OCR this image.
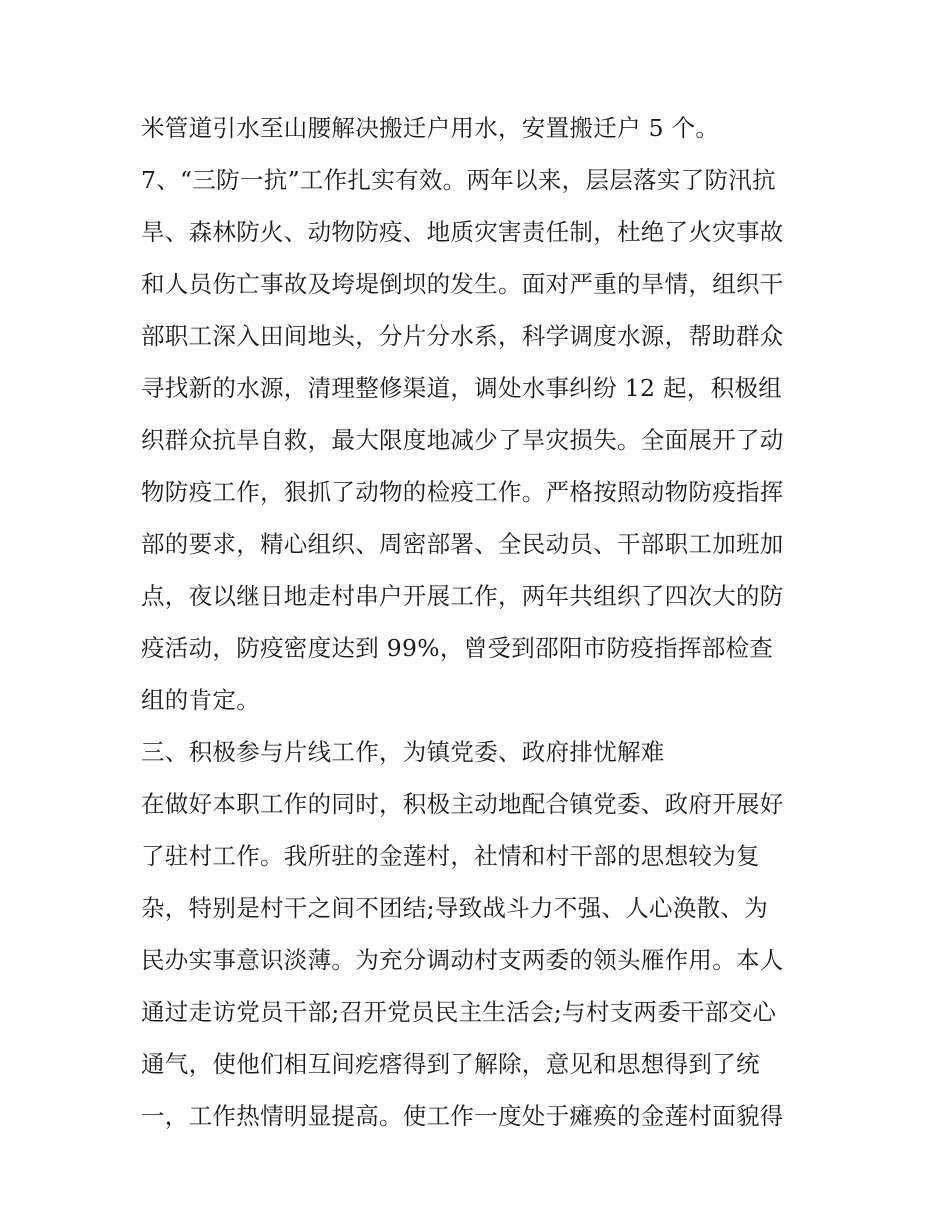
米管道引水至山腰解决搬迁户用水，安置搬迁户 5 个。
7、“三防一抗”工作扎实有效。两年以来，层层落实了防汛抗
旱、森林防火、动物防疫、地质灾害责任制，杜绝了火灾事故
和人员伤亡事故及垮堤倒坝的发生。面对严重的旱情，组织干
部职工深入田间地头，分片分水系，科学调度水源，帮助群众
寻找新的水源，清理整修渠道，调处水事纠纷 12 起，积极组
织群众抗旱自救，最大限度地减少了旱灾损失。全面展开了动
物防疫工作，狠抓了动物的检疫工作。严格按照动物防疫指挥
部的要求，精心组织、周密部署、全民动员、干部职工加班加
点，夜以继日地走村串户开展工作，两年共组织了四次大的防
疫活动，防疫密度达到 99%，曾受到邵阳市防疫指挥部检查
组的肯定。
三、积极参与片线工作，为镇党委、政府排忧解难
在做好本职工作的同时，积极主动地配合镇党委、政府开展好
了驻村工作。我所驻的金莲村，社情和村干部的思想较为复
杂，特别是村干之间不团结;导致战斗力不强、人心涣散、为
民办实事意识淡薄。为充分调动村支两委的领头雁作用。本人
通过走访党员干部;召开党员民主生活会;与村支两委干部交心
通气，使他们相互间疙瘩得到了解除，意见和思想得到了统
一，工作热情明显提高。使工作一度处于瘫痪的金莲村面貌得
